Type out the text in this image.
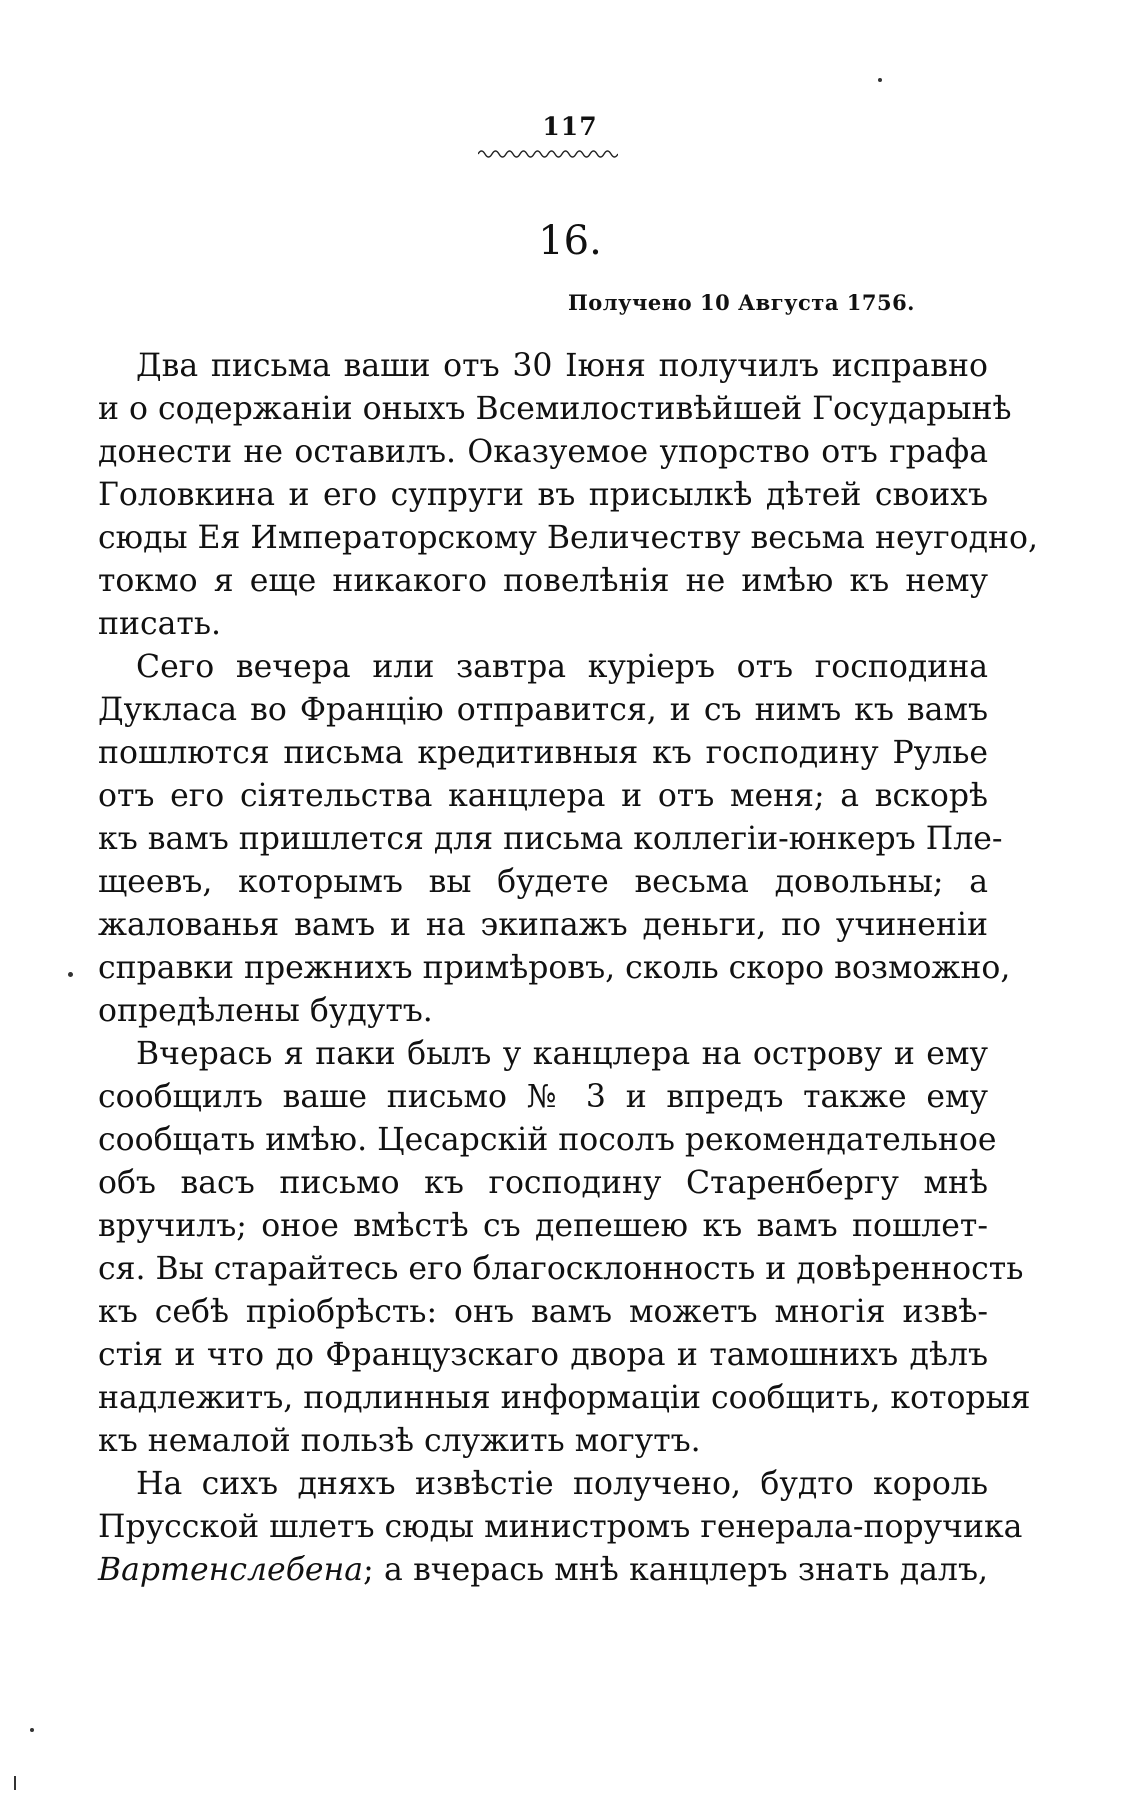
117
16.
Получено 10 Августа 1756.
Два письма ваши отъ 30 Іюня получилъ исправно
и о содержаніи оныхъ Всемилостивѣйшей Государынѣ
донести не оставилъ. Оказуемое упорство отъ графа
Головкина и его супруги въ присылкѣ дѣтей своихъ
сюды Ея Императорскому Величеству весьма неугодно,
токмо я еще никакого повелѣнія не имѣю къ нему
писать.
Сего вечера или завтра куріеръ отъ господина
Дукласа во Францію отправится, и съ нимъ къ вамъ
пошлются письма кредитивныя къ господину Рульe
отъ его сіятельства канцлера и отъ меня; а вскорѣ
къ вамъ пришлется для письма коллегіи-юнкеръ Пле-
щеевъ, которымъ вы будете весьма довольны; а
жалованья вамъ и на экипажъ деньги, по учиненіи
справки прежнихъ примѣровъ, сколь скоро возможно,
опредѣлены будутъ.
Вчерась я паки былъ у канцлера на острову и ему
сообщилъ ваше письмо № 3 и впредъ также ему
сообщать имѣю. Цесарскій посолъ рекомендательное
объ васъ письмо къ господину Старенбергу мнѣ
вручилъ; оное вмѣстѣ съ депешею къ вамъ пошлет-
ся. Вы старайтесь его благосклонность и довѣренность
къ себѣ пріобрѣсть: онъ вамъ можетъ многія извѣ-
стія и что до Французскаго двора и тамошнихъ дѣлъ
надлежитъ, подлинныя информаціи сообщить, которыя
къ немалой пользѣ служить могутъ.
На сихъ дняхъ извѣстіе получено, будто король
Прусской шлетъ сюды министромъ генерала-поручика
Вартенслебена; а вчерась мнѣ канцлеръ знать далъ,
